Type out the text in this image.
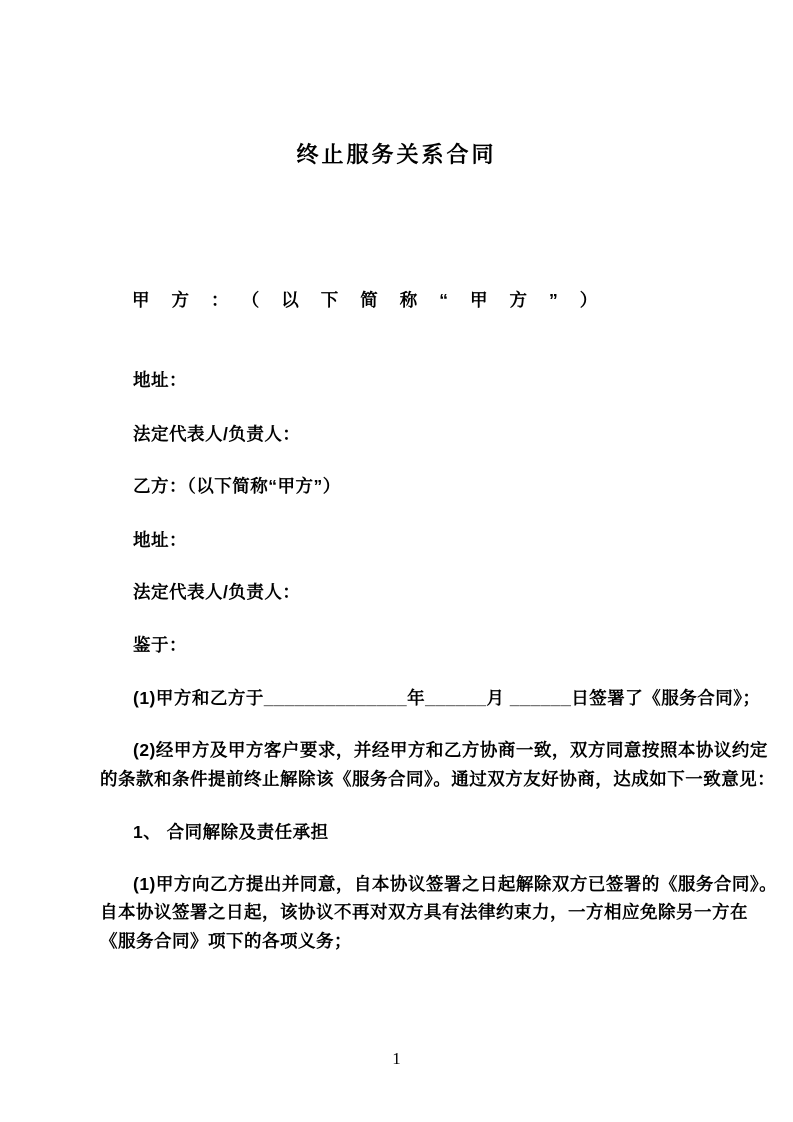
终止服务关系合同
甲方：（以下简称“甲方”）
地址：
法定代表人/负责人：
乙方：（以下简称“甲方”）
地址：
法定代表人/负责人：
鉴于：
(1)甲方和乙方于______________年______月 ______日签署了《服务合同》；
(2)经甲方及甲方客户要求，并经甲方和乙方协商一致，双方同意按照本协议约定
的条款和条件提前终止解除该《服务合同》。通过双方友好协商，达成如下一致意见：
1、 合同解除及责任承担
(1)甲方向乙方提出并同意，自本协议签署之日起解除双方已签署的《服务合同》。
自本协议签署之日起，该协议不再对双方具有法律约束力，一方相应免除另一方在
《服务合同》项下的各项义务；
1
